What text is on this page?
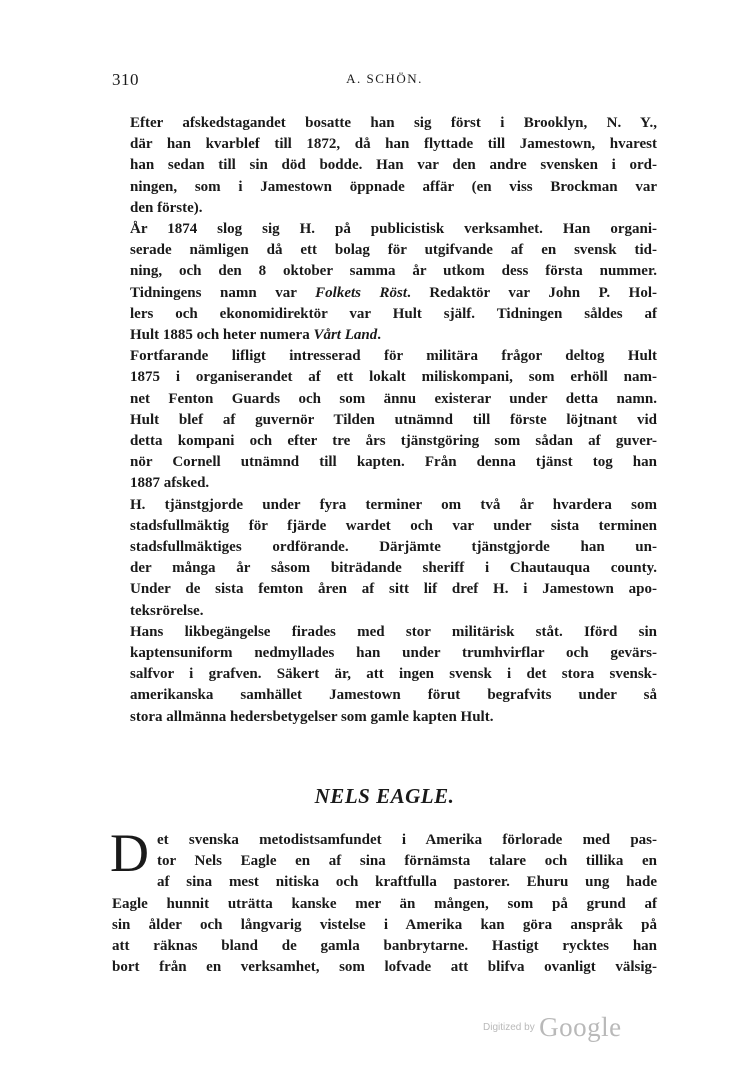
310	A. SCHÖN.

Efter afskedstagandet bosatte han sig först i Brooklyn, N. Y.,
där han kvarblef till 1872, då han flyttade till Jamestown, hvarest
han sedan till sin död bodde. Han var den andre svensken i ord-
ningen, som i Jamestown öppnade affär (en viss Brockman var
den förste).

År 1874 slog sig H. på publicistisk verksamhet. Han organi-
serade nämligen då ett bolag för utgifvande af en svensk tid-
ning, och den 8 oktober samma år utkom dess första nummer.
Tidningens namn var Folkets Röst. Redaktör var John P. Hol-
lers och ekonomidirektör var Hult själf. Tidningen såldes af
Hult 1885 och heter numera Vårt Land.

Fortfarande lifligt intresserad för militära frågor deltog Hult
1875 i organiserandet af ett lokalt miliskompani, som erhöll nam-
net Fenton Guards och som ännu existerar under detta namn.
Hult blef af guvernör Tilden utnämnd till förste löjtnant vid
detta kompani och efter tre års tjänstgöring som sådan af guver-
nör Cornell utnämnd till kapten. Från denna tjänst tog han
1887 afsked.

H. tjänstgjorde under fyra terminer om två år hvardera som
stadsfullmäktig för fjärde wardet och var under sista terminen
stadsfullmäktiges ordförande. Därjämte tjänstgjorde han un-
der många år såsom biträdande sheriff i Chautauqua county.
Under de sista femton åren af sitt lif dref H. i Jamestown apo-
teksrörelse.

Hans likbegängelse firades med stor militärisk ståt. Iförd sin
kaptensuniform nedmyllades han under trumhvirflar och gevärs-
salfvor i grafven. Säkert är, att ingen svensk i det stora svensk-
amerikanska samhället Jamestown förut begrafvits under så
stora allmänna hedersbetygelser som gamle kapten Hult.

NELS EAGLE.
D et svenska metodistsamfundet i Amerika förlorade med pas-
tor Nels Eagle en af sina förnämsta talare och tillika en
af sina mest nitiska och kraftfulla pastorer. Ehuru ung hade
Eagle hunnit uträtta kanske mer än mången, som på grund af
sin ålder och långvarig vistelse i Amerika kan göra anspråk på
att räknas bland de gamla banbrytarne. Hastigt rycktes han
bort från en verksamhet, som lofvade att blifva ovanligt välsig-
Digitized by Google
